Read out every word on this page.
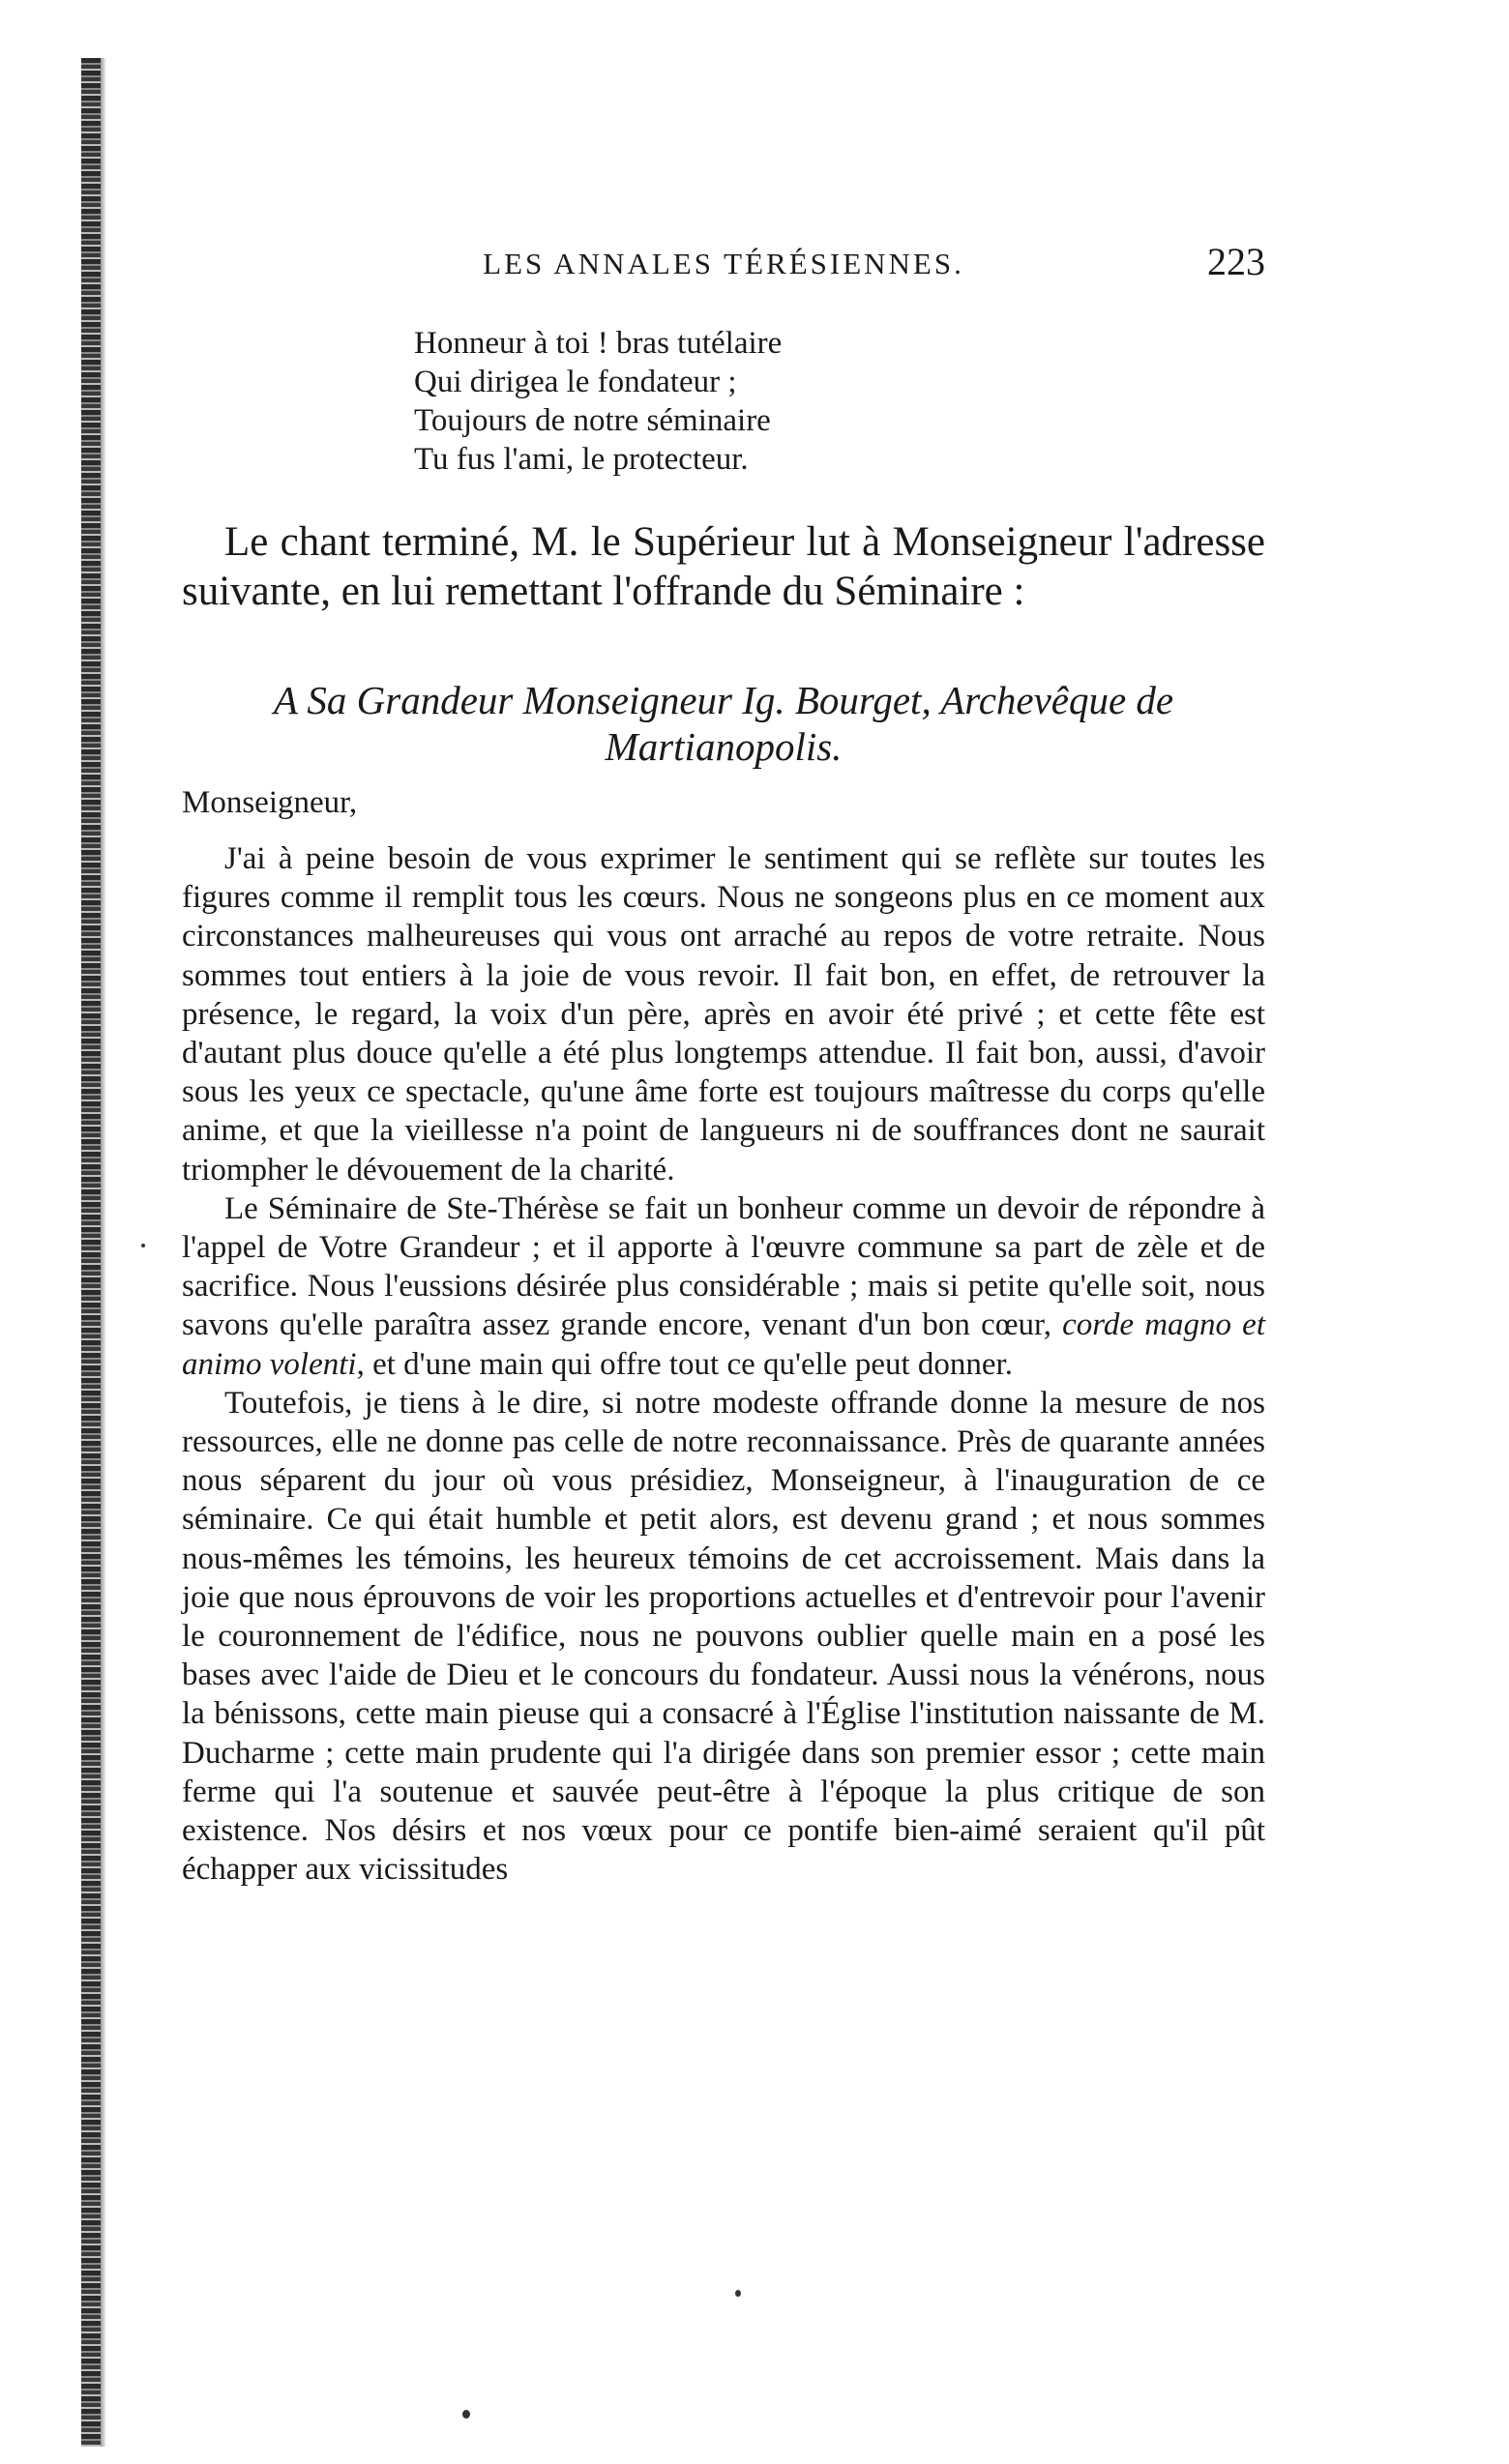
LES ANNALES TÉRÉSIENNES.	223
Honneur à toi ! bras tutélaire
Qui dirigea le fondateur ;
Toujours de notre séminaire
Tu fus l'ami, le protecteur.

Le chant terminé, M. le Supérieur lut à Monseigneur l'adresse suivante, en lui remettant l'offrande du Séminaire :

A Sa Grandeur Monseigneur Ig. Bourget, Archevêque de
Martianopolis.

Monseigneur,

J'ai à peine besoin de vous exprimer le sentiment qui se reflète sur toutes les figures comme il remplit tous les cœurs. Nous ne songeons plus en ce moment aux circonstances malheureuses qui vous ont arraché au repos de votre retraite. Nous sommes tout entiers à la joie de vous revoir. Il fait bon, en effet, de retrouver la présence, le regard, la voix d'un père, après en avoir été privé ; et cette fête est d'autant plus douce qu'elle a été plus longtemps attendue. Il fait bon, aussi, d'avoir sous les yeux ce spectacle, qu'une âme forte est toujours maîtresse du corps qu'elle anime, et que la vieillesse n'a point de langueurs ni de souffrances dont ne saurait triompher le dévouement de la charité.

Le Séminaire de Ste-Thérèse se fait un bonheur comme un devoir de répondre à l'appel de Votre Grandeur ; et il apporte à l'œuvre commune sa part de zèle et de sacrifice. Nous l'eussions désirée plus considérable ; mais si petite qu'elle soit, nous savons qu'elle paraîtra assez grande encore, venant d'un bon cœur, corde magno et animo volenti, et d'une main qui offre tout ce qu'elle peut donner.

Toutefois, je tiens à le dire, si notre modeste offrande donne la mesure de nos ressources, elle ne donne pas celle de notre reconnaissance. Près de quarante années nous séparent du jour où vous présidiez, Monseigneur, à l'inauguration de ce séminaire. Ce qui était humble et petit alors, est devenu grand ; et nous sommes nous-mêmes les témoins, les heureux témoins de cet accroissement. Mais dans la joie que nous éprouvons de voir les proportions actuelles et d'entrevoir pour l'avenir le couronnement de l'édifice, nous ne pouvons oublier quelle main en a posé les bases avec l'aide de Dieu et le concours du fondateur. Aussi nous la vénérons, nous la bénissons, cette main pieuse qui a consacré à l'Église l'institution naissante de M. Ducharme ; cette main prudente qui l'a dirigée dans son premier essor ; cette main ferme qui l'a soutenue et sauvée peut-être à l'époque la plus critique de son existence. Nos désirs et nos vœux pour ce pontife bien-aimé seraient qu'il pût échapper aux vicissitudes
